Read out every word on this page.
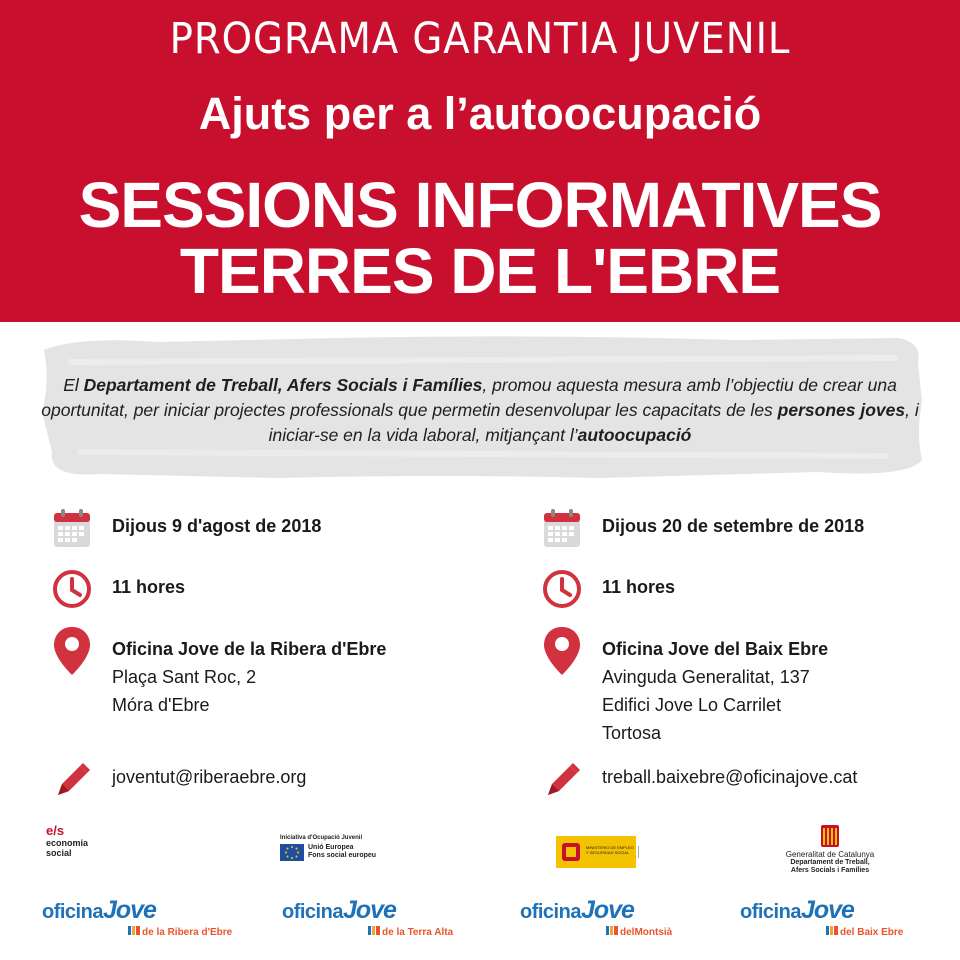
PROGRAMA GARANTIA JUVENIL
Ajuts per a l’autoocupació
SESSIONS INFORMATIVES
TERRES DE L'EBRE
El Departament de Treball, Afers Socials i Famílies, promou aquesta mesura amb l’objectiu de crear una oportunitat, per iniciar projectes professionals que permetin desenvolupar les capacitats de les persones joves, i iniciar-se en la vida laboral, mitjançant l’autoocupació
Dijous 9 d'agost de 2018
11 hores
Oficina Jove de la Ribera d'Ebre
Plaça Sant Roc, 2
Móra d'Ebre
joventut@riberaebre.org
Dijous 20 de setembre de 2018
11 hores
Oficina Jove del Baix Ebre
Avinguda Generalitat, 137
Edifici Jove Lo Carrilet
Tortosa
treball.baixebre@oficinajove.cat
e/s
economia
social
Iniciativa d'Ocupació Juvenil
Unió Europea
Fons social europeu
MINISTERIO DE EMPLEO Y SEGURIDAD SOCIAL	Generalitat de Catalunya
Departament de Treball,
Afers Socials i Famílies
oficinaJove
de la Ribera d'Ebre
oficinaJove
de la Terra Alta
oficinaJove
delMontsià
oficinaJove
del Baix Ebre
